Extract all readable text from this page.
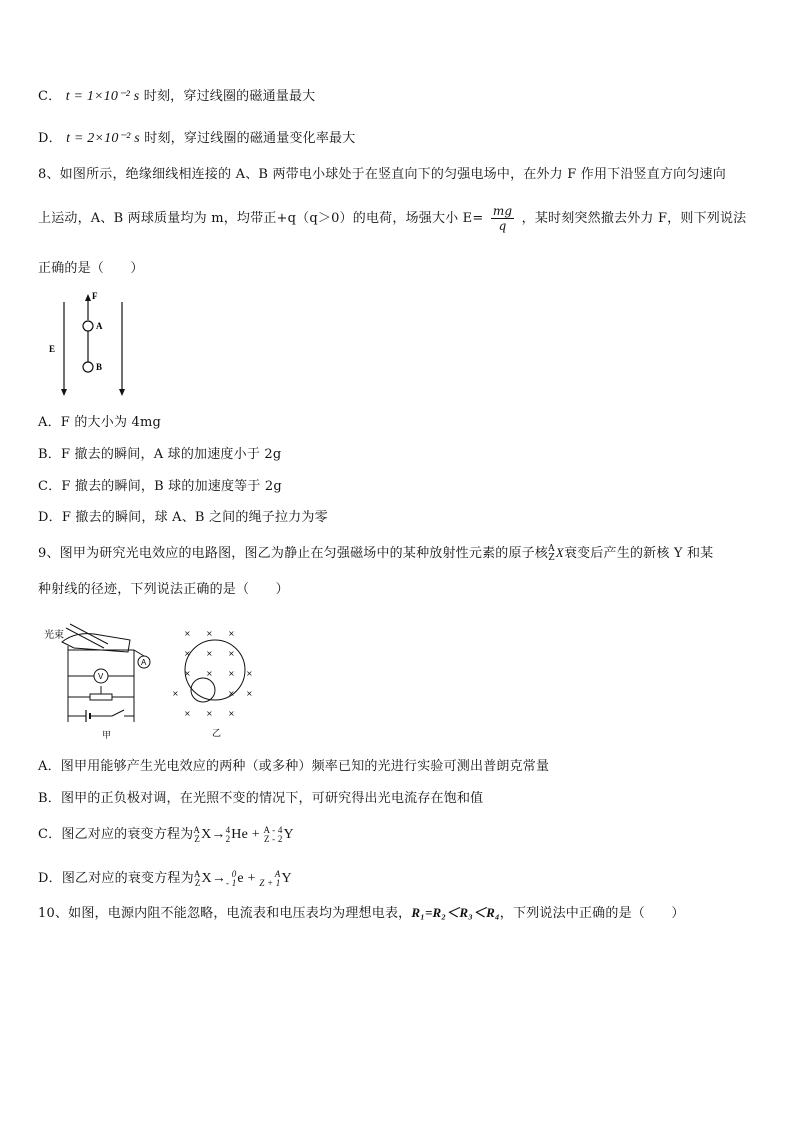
C． t = 1×10⁻² s 时刻，穿过线圈的磁通量最大
D． t = 2×10⁻² s 时刻，穿过线圈的磁通量变化率最大
8、如图所示，绝缘细线相连接的 A、B 两带电小球处于在竖直向下的匀强电场中，在外力 F 作用下沿竖直方向匀速向
上运动，A、B 两球质量均为 m，均带正+q（q＞0）的电荷，场强大小 $E= \frac{mg}{q}$ ，某时刻突然撤去外力 F，则下列说法
正确的是（　　）
F
A
B
E
A．F 的大小为 4mg
B．F 撤去的瞬间，A 球的加速度小于 2g
C．F 撤去的瞬间，B 球的加速度等于 2g
D．F 撤去的瞬间，球 A、B 之间的绳子拉力为零
9、图甲为研究光电效应的电路图，图乙为静止在匀强磁场中的某种放射性元素的原子核 A
Z X衰变后产生的新核 Y 和某
种射线的径迹，下列说法正确的是（　　）
光束
A
V
甲
× × ×
× × ×
× × × ×
×	× ×
× × ×
乙
A．图甲用能够产生光电效应的两种（或多种）频率已知的光进行实验可测出普朗克常量
B．图甲的正负极对调，在光照不变的情况下，可研究得出光电流存在饱和值
C．图乙对应的衰变方程为 A
Z X→ 4
2 He + A - 4
Z - 2 Y
D．图乙对应的衰变方程为 A
Z X→ 0
- 1 e +	A
Z + 1 Y
10、如图，电源内阻不能忽略，电流表和电压表均为理想电表，R₁=R₂＜R₃＜R₄，下列说法中正确的是（　　）
